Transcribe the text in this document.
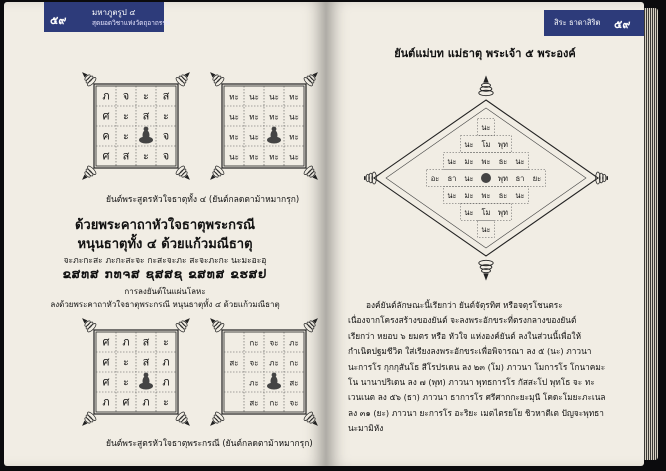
๕๙
มหาภูตรูป ๔
สุดยอดวิชาแห่งวัตถุอาถรรพ์
ภ จ ะ ส
ศ ะ ส ะ
ค ะ	จ
ศ ส ะ จ
ทะ นะ นะ ทะ
นะ ทะ ทะ นะ
ทะ นะ	ทะ
นะ ทะ ทะ นะ
ยันต์พระสูตรหัวใจธาตุทั้ง ๔ (ยันต์กลดตาม้าหมากรุก)
ด้วยพระคาถาหัวใจธาตุพระกรณี
หนุนธาตุทั้ง ๔ ด้วยแก้วมณีธาตุ
จะภะกะสะ ภะกะสะจะ กะสะจะภะ สะจะภะกะ นะมะอะอุ
ຂສທສ ກທຈສ ຊສສຊ ຂສທສ ຂຮສຢ
การลงยันต์ในแผ่นโลหะ
ลงด้วยพระคาถาหัวใจธาตุพระกรณี หนุนธาตุทั้ง ๔ ด้วยแก้วมณีธาตุ
ศ ภ ส ะ
ศ ะ ส ภ
ศ ะ	ภ
ภ ศ ภ ะ
กะ จะ ภะ
สะ จะ ภะ กะ
ภะ	สะ
สะ กะ จะ
ยันต์พระสูตรหัวใจธาตุพระกรณี (ยันต์กลดตาม้าหมากรุก)
สิระ ธาดาสิริต ๕๙
ยันต์แม่บท แม่ธาตุ พระเจ้า ๕ พระองค์
นะ
นะ โม พุท
นะ มะ พะ ธะ นะ
อะ ธา นะ	พุท ธา ยะ
นะ มะ พะ ธะ นะ
นะ โม พุท
นะ
องค์ยันต์ลักษณะนี้เรียกว่า ยันต์จัตุรทิศ หรือจตุรโชนตระ
เนื่องจากโครงสร้างของยันต์ จะลงพระอักขระที่ตรงกลางของยันต์
เรียกว่า หยอบ ๖ ยมตร หรือ หัวใจ แห่งองค์ยันต์ ลงในส่วนนี้เพื่อให้
กำเนิดปฐมชีวิต ใส่เรียงลงพระอักขระเพื่อพิจารณา ลง ๕ (นะ) ภาวนา
นะการโร กุกกุสันโธ สีโรปรเดน ลง ๒๓ (โม) ภาวนา โมการโร โกนาคมะ
โน นานาปริเดน ลง ๗ (พุท) ภาวนา พุทธการโร กัสสะโป พุทโธ จะ ทะ
เวนเนต ลง ๕๖ (ธา) ภาวนา ธาการโร ศรีศากกะยะมุนี โคดะโมยะภะเนล
ลง ๓๑ (ยะ) ภาวนา ยะการโร อะริยะ เมตไตรยโย ชิวหาตีเต ปัญจะพุทธา
นะมามิหัง
